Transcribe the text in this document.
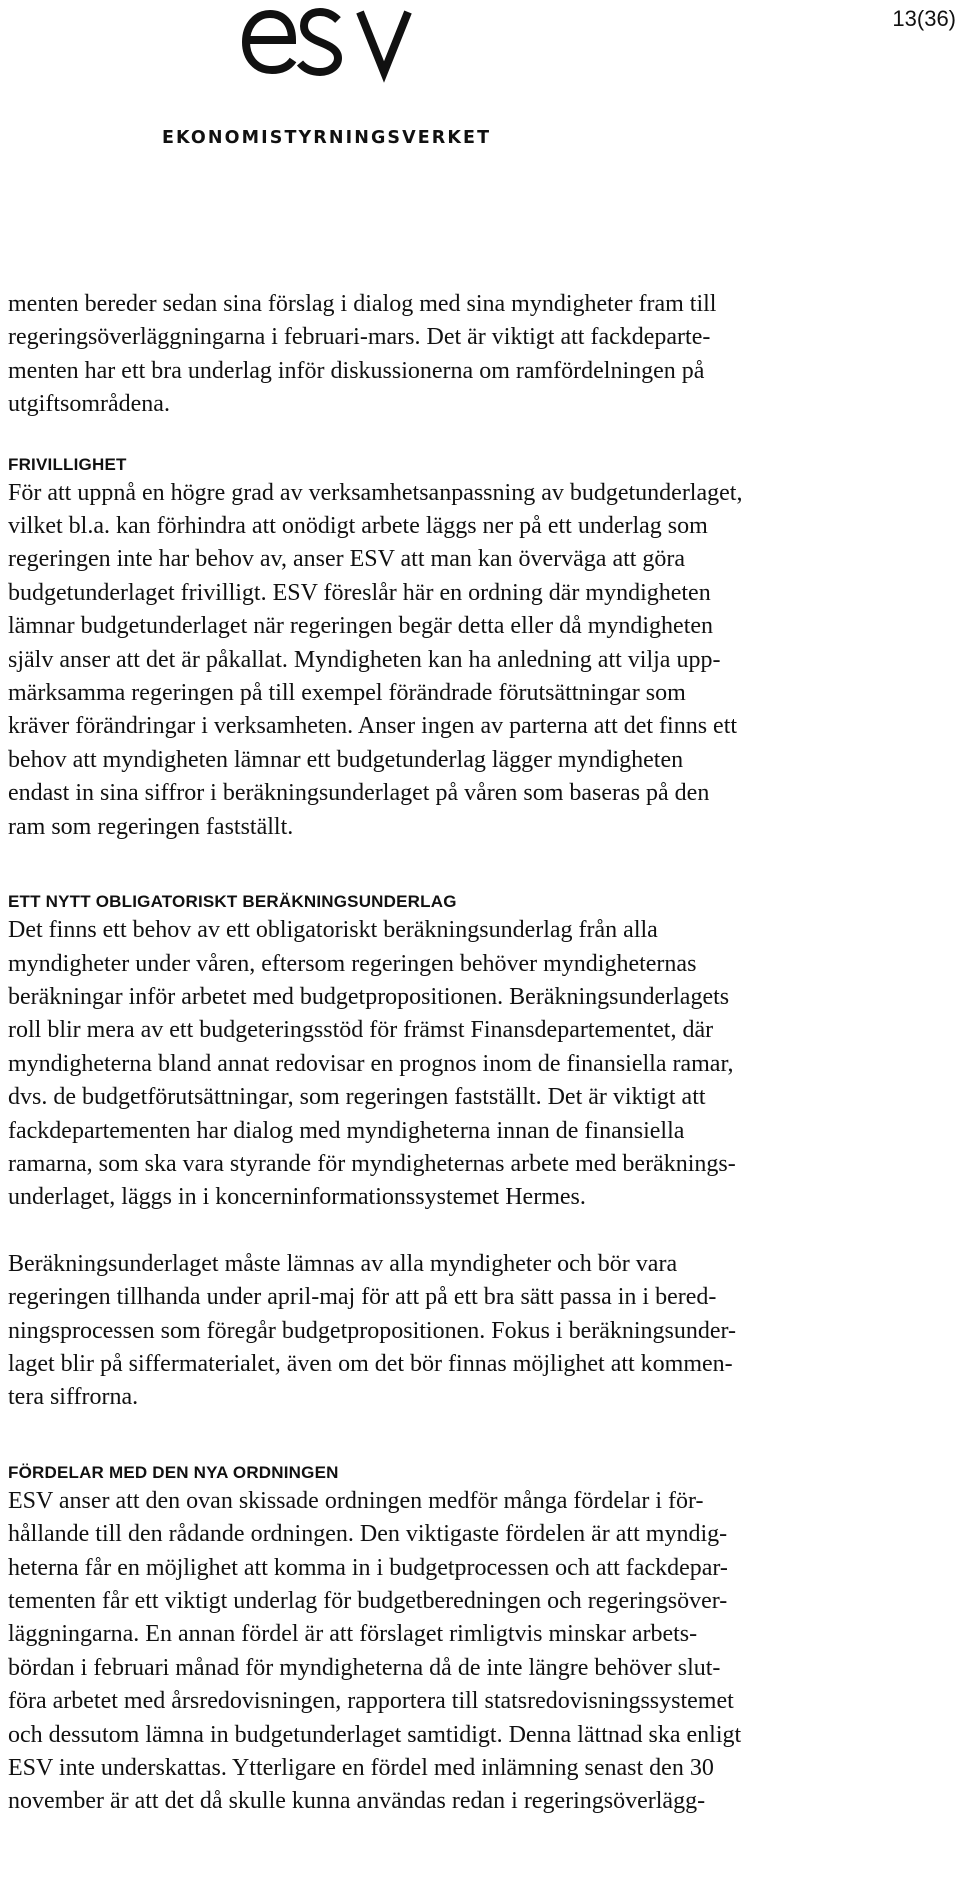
13(36)
EKONOMISTYRNINGSVERKET

menten bereder sedan sina förslag i dialog med sina myndigheter fram till
regeringsöverläggningarna i februari-mars. Det är viktigt att fackdeparte-
menten har ett bra underlag inför diskussionerna om ramfördelningen på
utgiftsområdena.

FRIVILLIGHET

För att uppnå en högre grad av verksamhetsanpassning av budgetunderlaget,
vilket bl.a. kan förhindra att onödigt arbete läggs ner på ett underlag som
regeringen inte har behov av, anser ESV att man kan överväga att göra
budgetunderlaget frivilligt. ESV föreslår här en ordning där myndigheten
lämnar budgetunderlaget när regeringen begär detta eller då myndigheten
själv anser att det är påkallat. Myndigheten kan ha anledning att vilja upp-
märksamma regeringen på till exempel förändrade förutsättningar som
kräver förändringar i verksamheten. Anser ingen av parterna att det finns ett
behov att myndigheten lämnar ett budgetunderlag lägger myndigheten
endast in sina siffror i beräkningsunderlaget på våren som baseras på den
ram som regeringen fastställt.

ETT NYTT OBLIGATORISKT BERÄKNINGSUNDERLAG

Det finns ett behov av ett obligatoriskt beräkningsunderlag från alla
myndigheter under våren, eftersom regeringen behöver myndigheternas
beräkningar inför arbetet med budgetpropositionen. Beräkningsunderlagets
roll blir mera av ett budgeteringsstöd för främst Finansdepartementet, där
myndigheterna bland annat redovisar en prognos inom de finansiella ramar,
dvs. de budgetförutsättningar, som regeringen fastställt. Det är viktigt att
fackdepartementen har dialog med myndigheterna innan de finansiella
ramarna, som ska vara styrande för myndigheternas arbete med beräknings-
underlaget, läggs in i koncerninformationssystemet Hermes.

Beräkningsunderlaget måste lämnas av alla myndigheter och bör vara
regeringen tillhanda under april-maj för att på ett bra sätt passa in i bered-
ningsprocessen som föregår budgetpropositionen. Fokus i beräkningsunder-
laget blir på siffermaterialet, även om det bör finnas möjlighet att kommen-
tera siffrorna.

FÖRDELAR MED DEN NYA ORDNINGEN

ESV anser att den ovan skissade ordningen medför många fördelar i för-
hållande till den rådande ordningen. Den viktigaste fördelen är att myndig-
heterna får en möjlighet att komma in i budgetprocessen och att fackdepar-
tementen får ett viktigt underlag för budgetberedningen och regeringsöver-
läggningarna. En annan fördel är att förslaget rimligtvis minskar arbets-
bördan i februari månad för myndigheterna då de inte längre behöver slut-
föra arbetet med årsredovisningen, rapportera till statsredovisningssystemet
och dessutom lämna in budgetunderlaget samtidigt. Denna lättnad ska enligt
ESV inte underskattas. Ytterligare en fördel med inlämning senast den 30
november är att det då skulle kunna användas redan i regeringsöverlägg-
